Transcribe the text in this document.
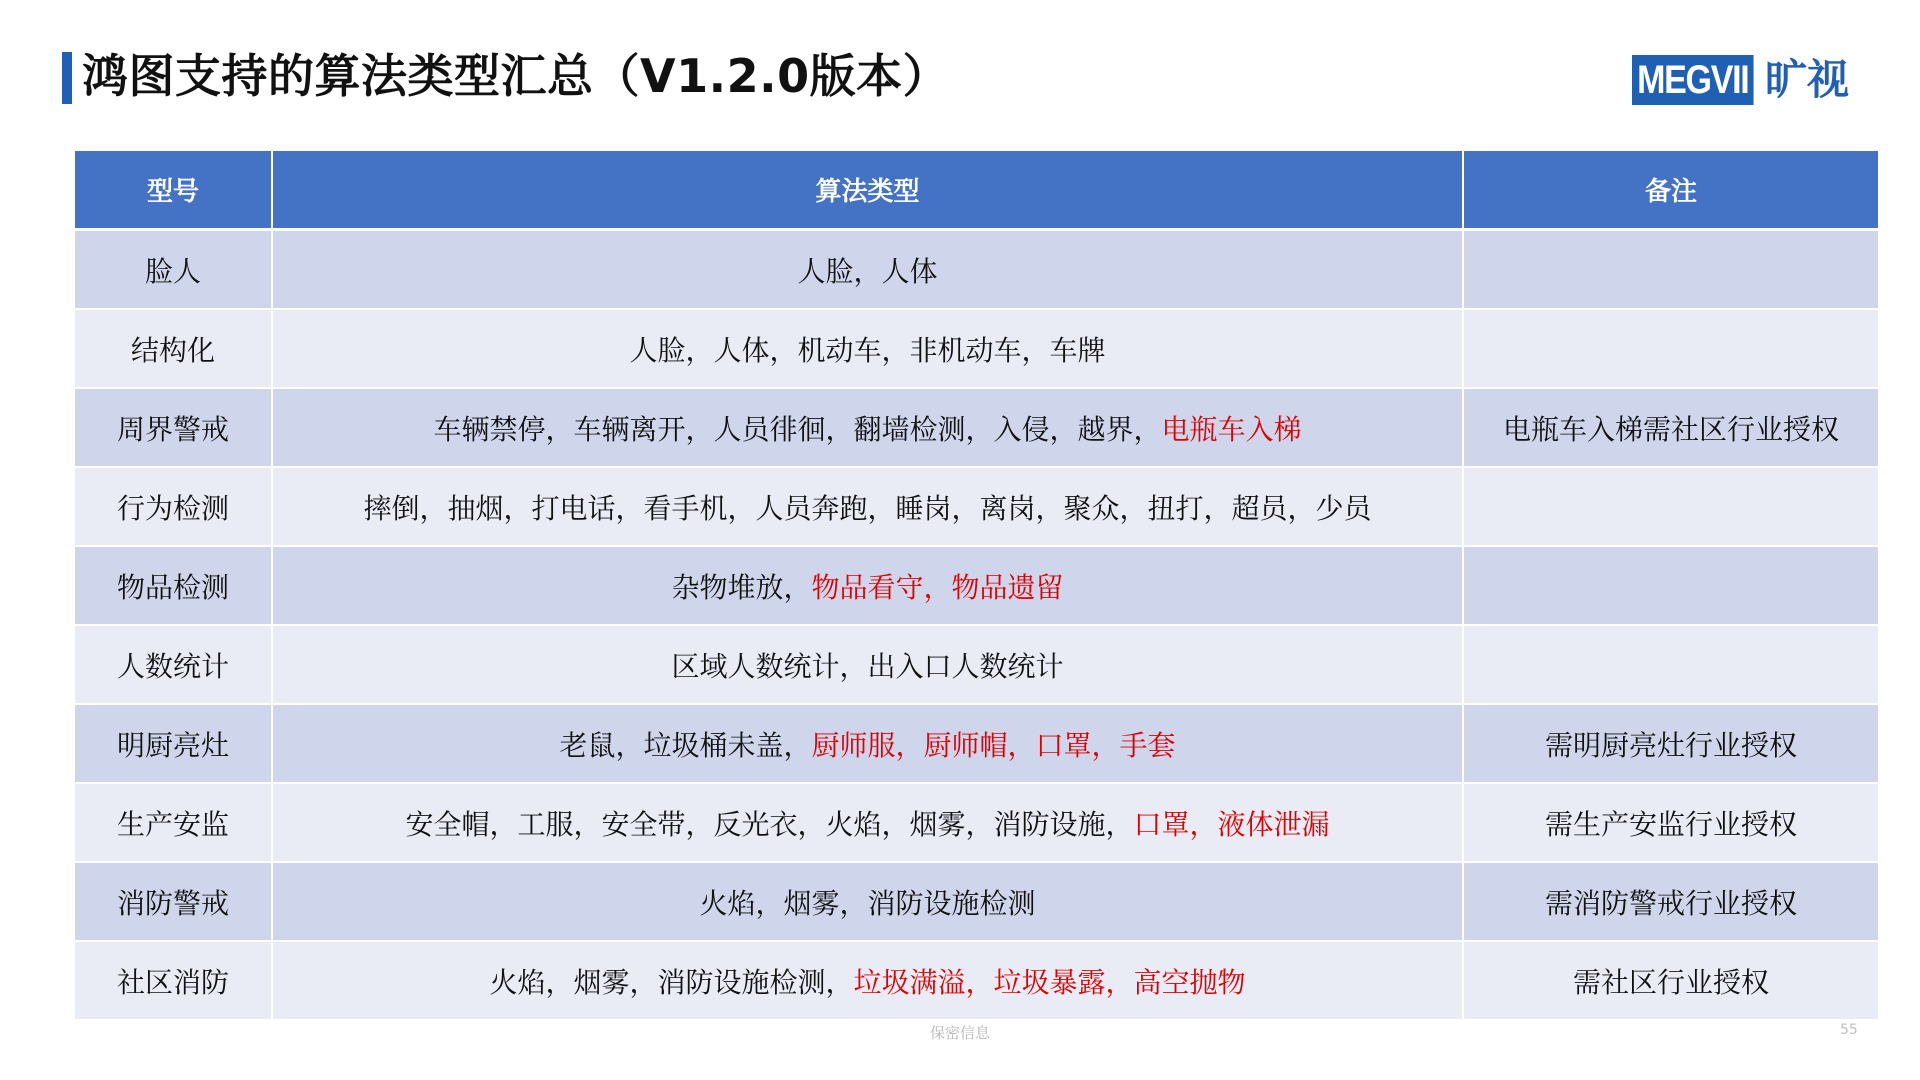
鸿图支持的算法类型汇总（V1.2.0版本）	MEGVII 旷视
型号	算法类型	备注
脸人	人脸，人体	
结构化	人脸，人体，机动车，非机动车，车牌	
周界警戒	车辆禁停，车辆离开，人员徘徊，翻墙检测，入侵，越界，电瓶车入梯	电瓶车入梯需社区行业授权
行为检测	摔倒，抽烟，打电话，看手机，人员奔跑，睡岗，离岗，聚众，扭打，超员，少员	
物品检测	杂物堆放，物品看守，物品遗留	
人数统计	区域人数统计，出入口人数统计	
明厨亮灶	老鼠，垃圾桶未盖，厨师服，厨师帽，口罩，手套	需明厨亮灶行业授权
生产安监	安全帽，工服，安全带，反光衣，火焰，烟雾，消防设施，口罩，液体泄漏	需生产安监行业授权
消防警戒	火焰，烟雾，消防设施检测	需消防警戒行业授权
社区消防	火焰，烟雾，消防设施检测，垃圾满溢，垃圾暴露，高空抛物	需社区行业授权
保密信息	55
